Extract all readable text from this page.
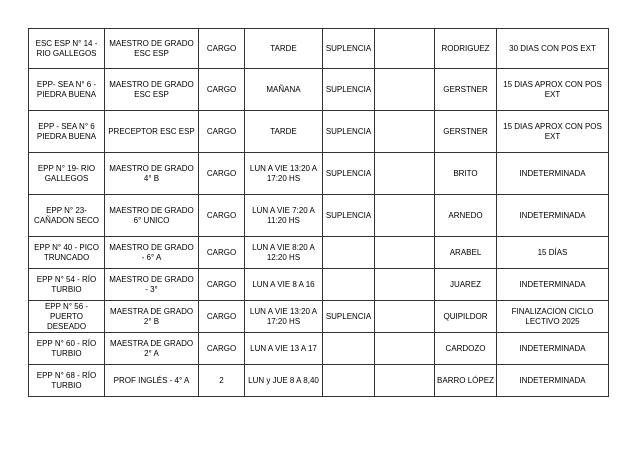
ESC ESP N° 14 - RIO GALLEGOS	MAESTRO DE GRADO ESC ESP	CARGO	TARDE	SUPLENCIA		RODRIGUEZ	30 DIAS CON POS EXT
EPP- SEA N° 6 - PIEDRA BUENA	MAESTRO DE GRADO ESC ESP	CARGO	MAÑANA	SUPLENCIA		GERSTNER	15 DIAS APROX CON POS EXT
EPP - SEA N° 6 PIEDRA BUENA	PRECEPTOR ESC ESP	CARGO	TARDE	SUPLENCIA		GERSTNER	15 DIAS APROX CON POS EXT
EPP N° 19- RIO GALLEGOS	MAESTRO DE GRADO 4° B	CARGO	LUN A VIE 13:20 A 17:20 HS	SUPLENCIA		BRITO	INDETERMINADA
EPP N° 23- CAÑADON SECO	MAESTRO DE GRADO 6° UNICO	CARGO	LUN A VIE 7:20 A 11:20 HS	SUPLENCIA		ARNEDO	INDETERMINADA
EPP N° 40 - PICO TRUNCADO	MAESTRO DE GRADO - 6° A	CARGO	LUN A VIE 8:20 A 12:20 HS			ARABEL	15 DÍAS
EPP N° 54 - RÍO TURBIO	MAESTRO DE GRADO - 3°	CARGO	LUN A VIE 8 A 16			JUAREZ	INDETERMINADA
EPP N° 56 - PUERTO DESEADO	MAESTRA DE GRADO 2° B	CARGO	LUN A VIE 13:20 A 17:20 HS	SUPLENCIA		QUIPILDOR	FINALIZACION CICLO LECTIVO 2025
EPP N° 60 - RÍO TURBIO	MAESTRA DE GRADO 2° A	CARGO	LUN A VIE 13 A 17			CARDOZO	INDETERMINADA
EPP N° 68 - RÍO TURBIO	PROF INGLÉS - 4° A	2	LUN y JUE 8 A 8,40			BARRO LÓPEZ	INDETERMINADA
